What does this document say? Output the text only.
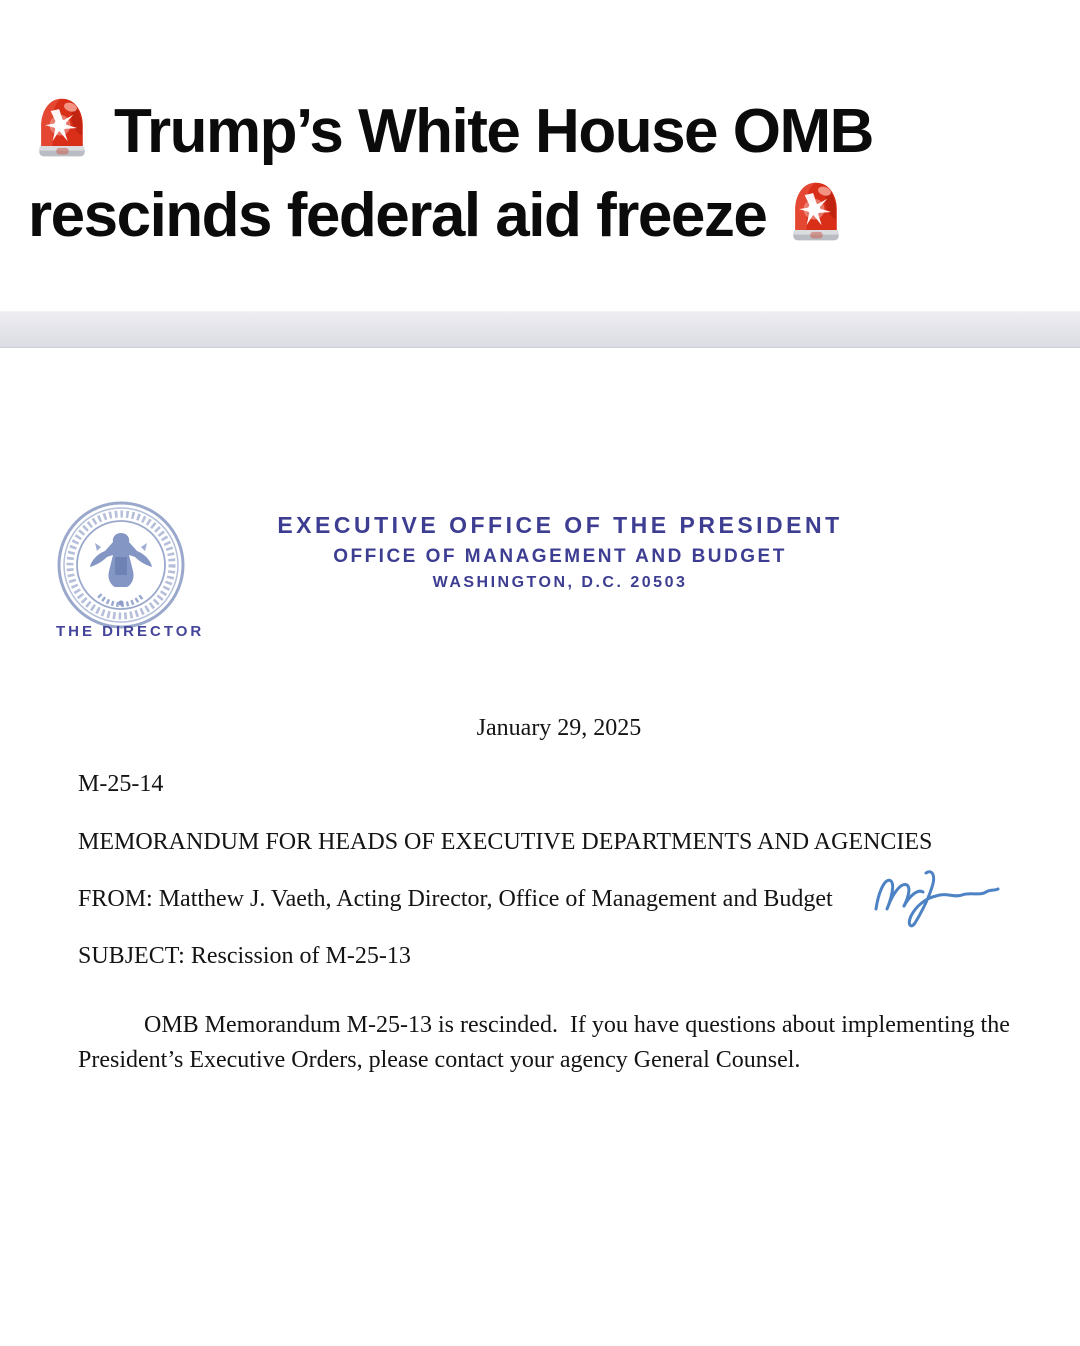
Trump’s White House OMB
rescinds federal aid freeze
THE DIRECTOR
EXECUTIVE OFFICE OF THE PRESIDENT
OFFICE OF MANAGEMENT AND BUDGET
WASHINGTON, D.C. 20503
January 29, 2025
M-25-14
MEMORANDUM FOR HEADS OF EXECUTIVE DEPARTMENTS AND AGENCIES
FROM: Matthew J. Vaeth, Acting Director, Office of Management and Budget
SUBJECT: Rescission of M-25-13
OMB Memorandum M-25-13 is rescinded.  If you have questions about implementing the President’s Executive Orders, please contact your agency General Counsel.
